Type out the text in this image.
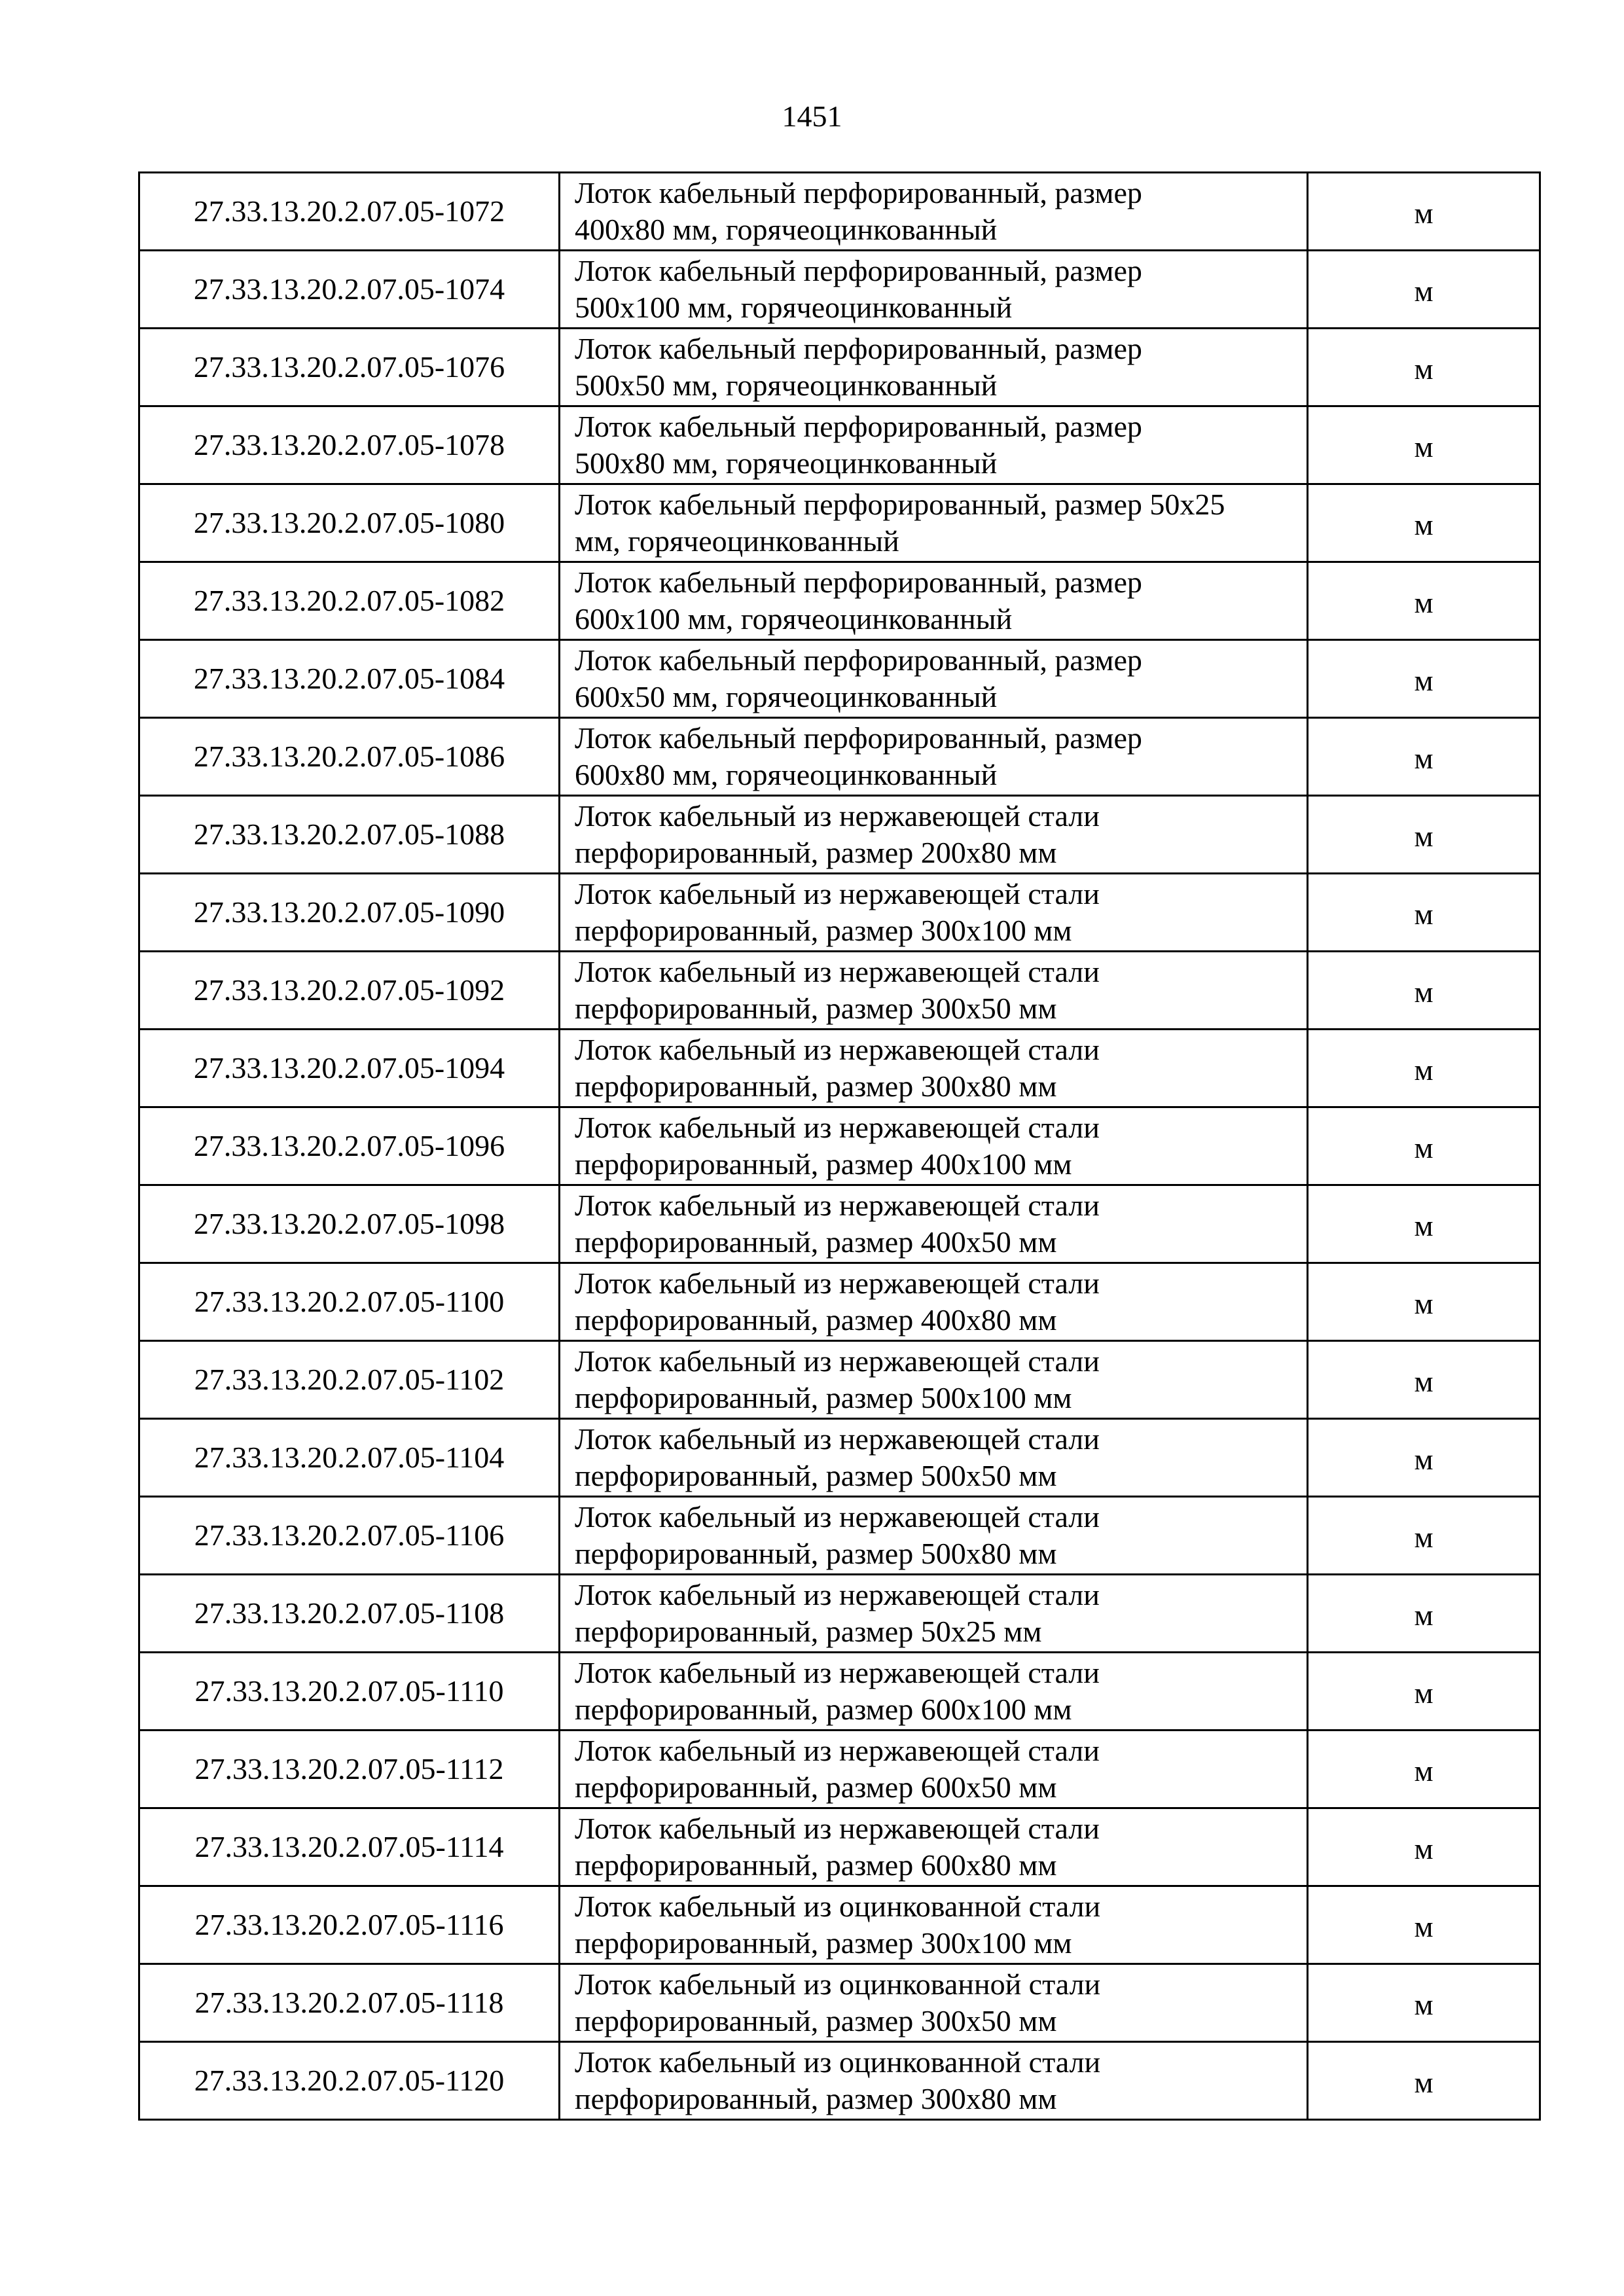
1451
27.33.13.20.2.07.05-1072	Лоток кабельный перфорированный, размер
400x80 мм, горячеоцинкованный	м
27.33.13.20.2.07.05-1074	Лоток кабельный перфорированный, размер
500x100 мм, горячеоцинкованный	м
27.33.13.20.2.07.05-1076	Лоток кабельный перфорированный, размер
500x50 мм, горячеоцинкованный	м
27.33.13.20.2.07.05-1078	Лоток кабельный перфорированный, размер
500x80 мм, горячеоцинкованный	м
27.33.13.20.2.07.05-1080	Лоток кабельный перфорированный, размер 50x25
мм, горячеоцинкованный	м
27.33.13.20.2.07.05-1082	Лоток кабельный перфорированный, размер
600x100 мм, горячеоцинкованный	м
27.33.13.20.2.07.05-1084	Лоток кабельный перфорированный, размер
600x50 мм, горячеоцинкованный	м
27.33.13.20.2.07.05-1086	Лоток кабельный перфорированный, размер
600x80 мм, горячеоцинкованный	м
27.33.13.20.2.07.05-1088	Лоток кабельный из нержавеющей стали
перфорированный, размер 200x80 мм	м
27.33.13.20.2.07.05-1090	Лоток кабельный из нержавеющей стали
перфорированный, размер 300x100 мм	м
27.33.13.20.2.07.05-1092	Лоток кабельный из нержавеющей стали
перфорированный, размер 300x50 мм	м
27.33.13.20.2.07.05-1094	Лоток кабельный из нержавеющей стали
перфорированный, размер 300x80 мм	м
27.33.13.20.2.07.05-1096	Лоток кабельный из нержавеющей стали
перфорированный, размер 400x100 мм	м
27.33.13.20.2.07.05-1098	Лоток кабельный из нержавеющей стали
перфорированный, размер 400x50 мм	м
27.33.13.20.2.07.05-1100	Лоток кабельный из нержавеющей стали
перфорированный, размер 400x80 мм	м
27.33.13.20.2.07.05-1102	Лоток кабельный из нержавеющей стали
перфорированный, размер 500x100 мм	м
27.33.13.20.2.07.05-1104	Лоток кабельный из нержавеющей стали
перфорированный, размер 500x50 мм	м
27.33.13.20.2.07.05-1106	Лоток кабельный из нержавеющей стали
перфорированный, размер 500x80 мм	м
27.33.13.20.2.07.05-1108	Лоток кабельный из нержавеющей стали
перфорированный, размер 50x25 мм	м
27.33.13.20.2.07.05-1110	Лоток кабельный из нержавеющей стали
перфорированный, размер 600x100 мм	м
27.33.13.20.2.07.05-1112	Лоток кабельный из нержавеющей стали
перфорированный, размер 600x50 мм	м
27.33.13.20.2.07.05-1114	Лоток кабельный из нержавеющей стали
перфорированный, размер 600x80 мм	м
27.33.13.20.2.07.05-1116	Лоток кабельный из оцинкованной стали
перфорированный, размер 300x100 мм	м
27.33.13.20.2.07.05-1118	Лоток кабельный из оцинкованной стали
перфорированный, размер 300x50 мм	м
27.33.13.20.2.07.05-1120	Лоток кабельный из оцинкованной стали
перфорированный, размер 300x80 мм	м
